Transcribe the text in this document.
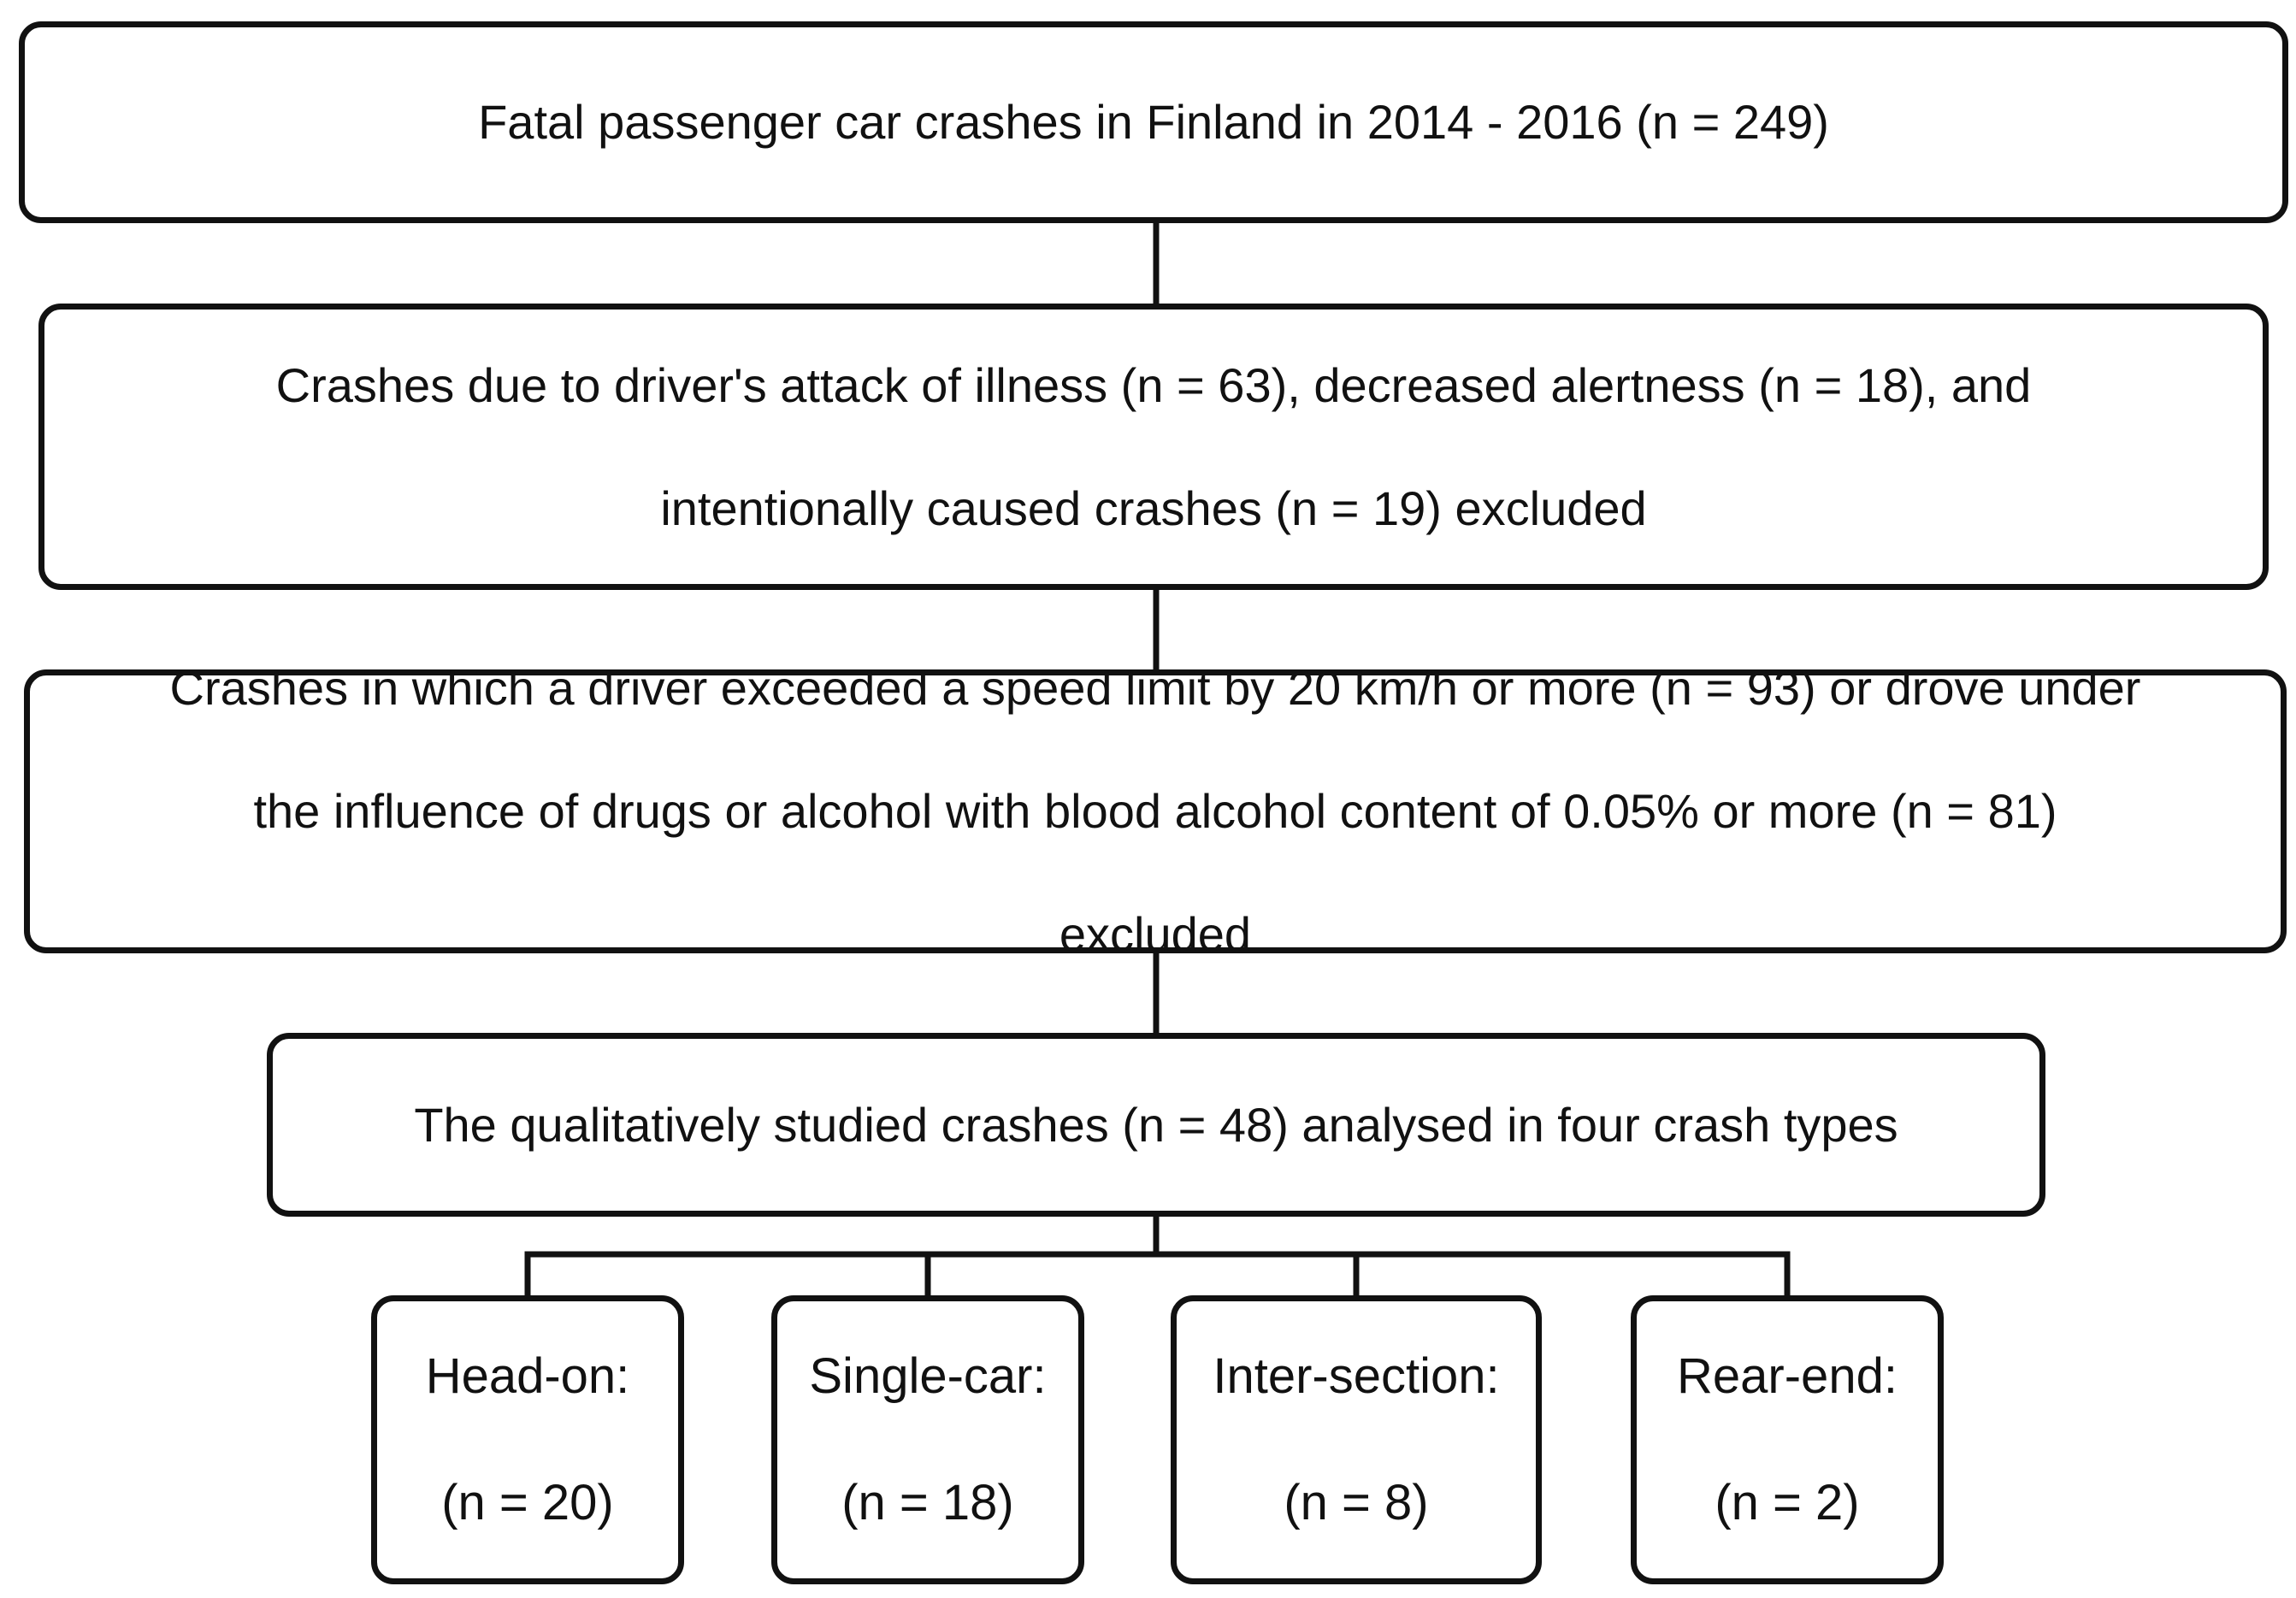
Fatal passenger car crashes in Finland in 2014 - 2016 (n = 249)

Crashes due to driver's attack of illness (n = 63), decreased alertness (n = 18), and

intentionally caused crashes (n = 19) excluded

Crashes in which a driver exceeded a speed limit by 20 km/h or more (n = 93) or drove under

the influence of drugs or alcohol with blood alcohol content of 0.05% or more (n = 81)

excluded

The qualitatively studied crashes (n = 48) analysed in four crash types

Head-on:

(n = 20)

Single-car:

(n = 18)

Inter-section:

(n = 8)

Rear-end:

(n = 2)
